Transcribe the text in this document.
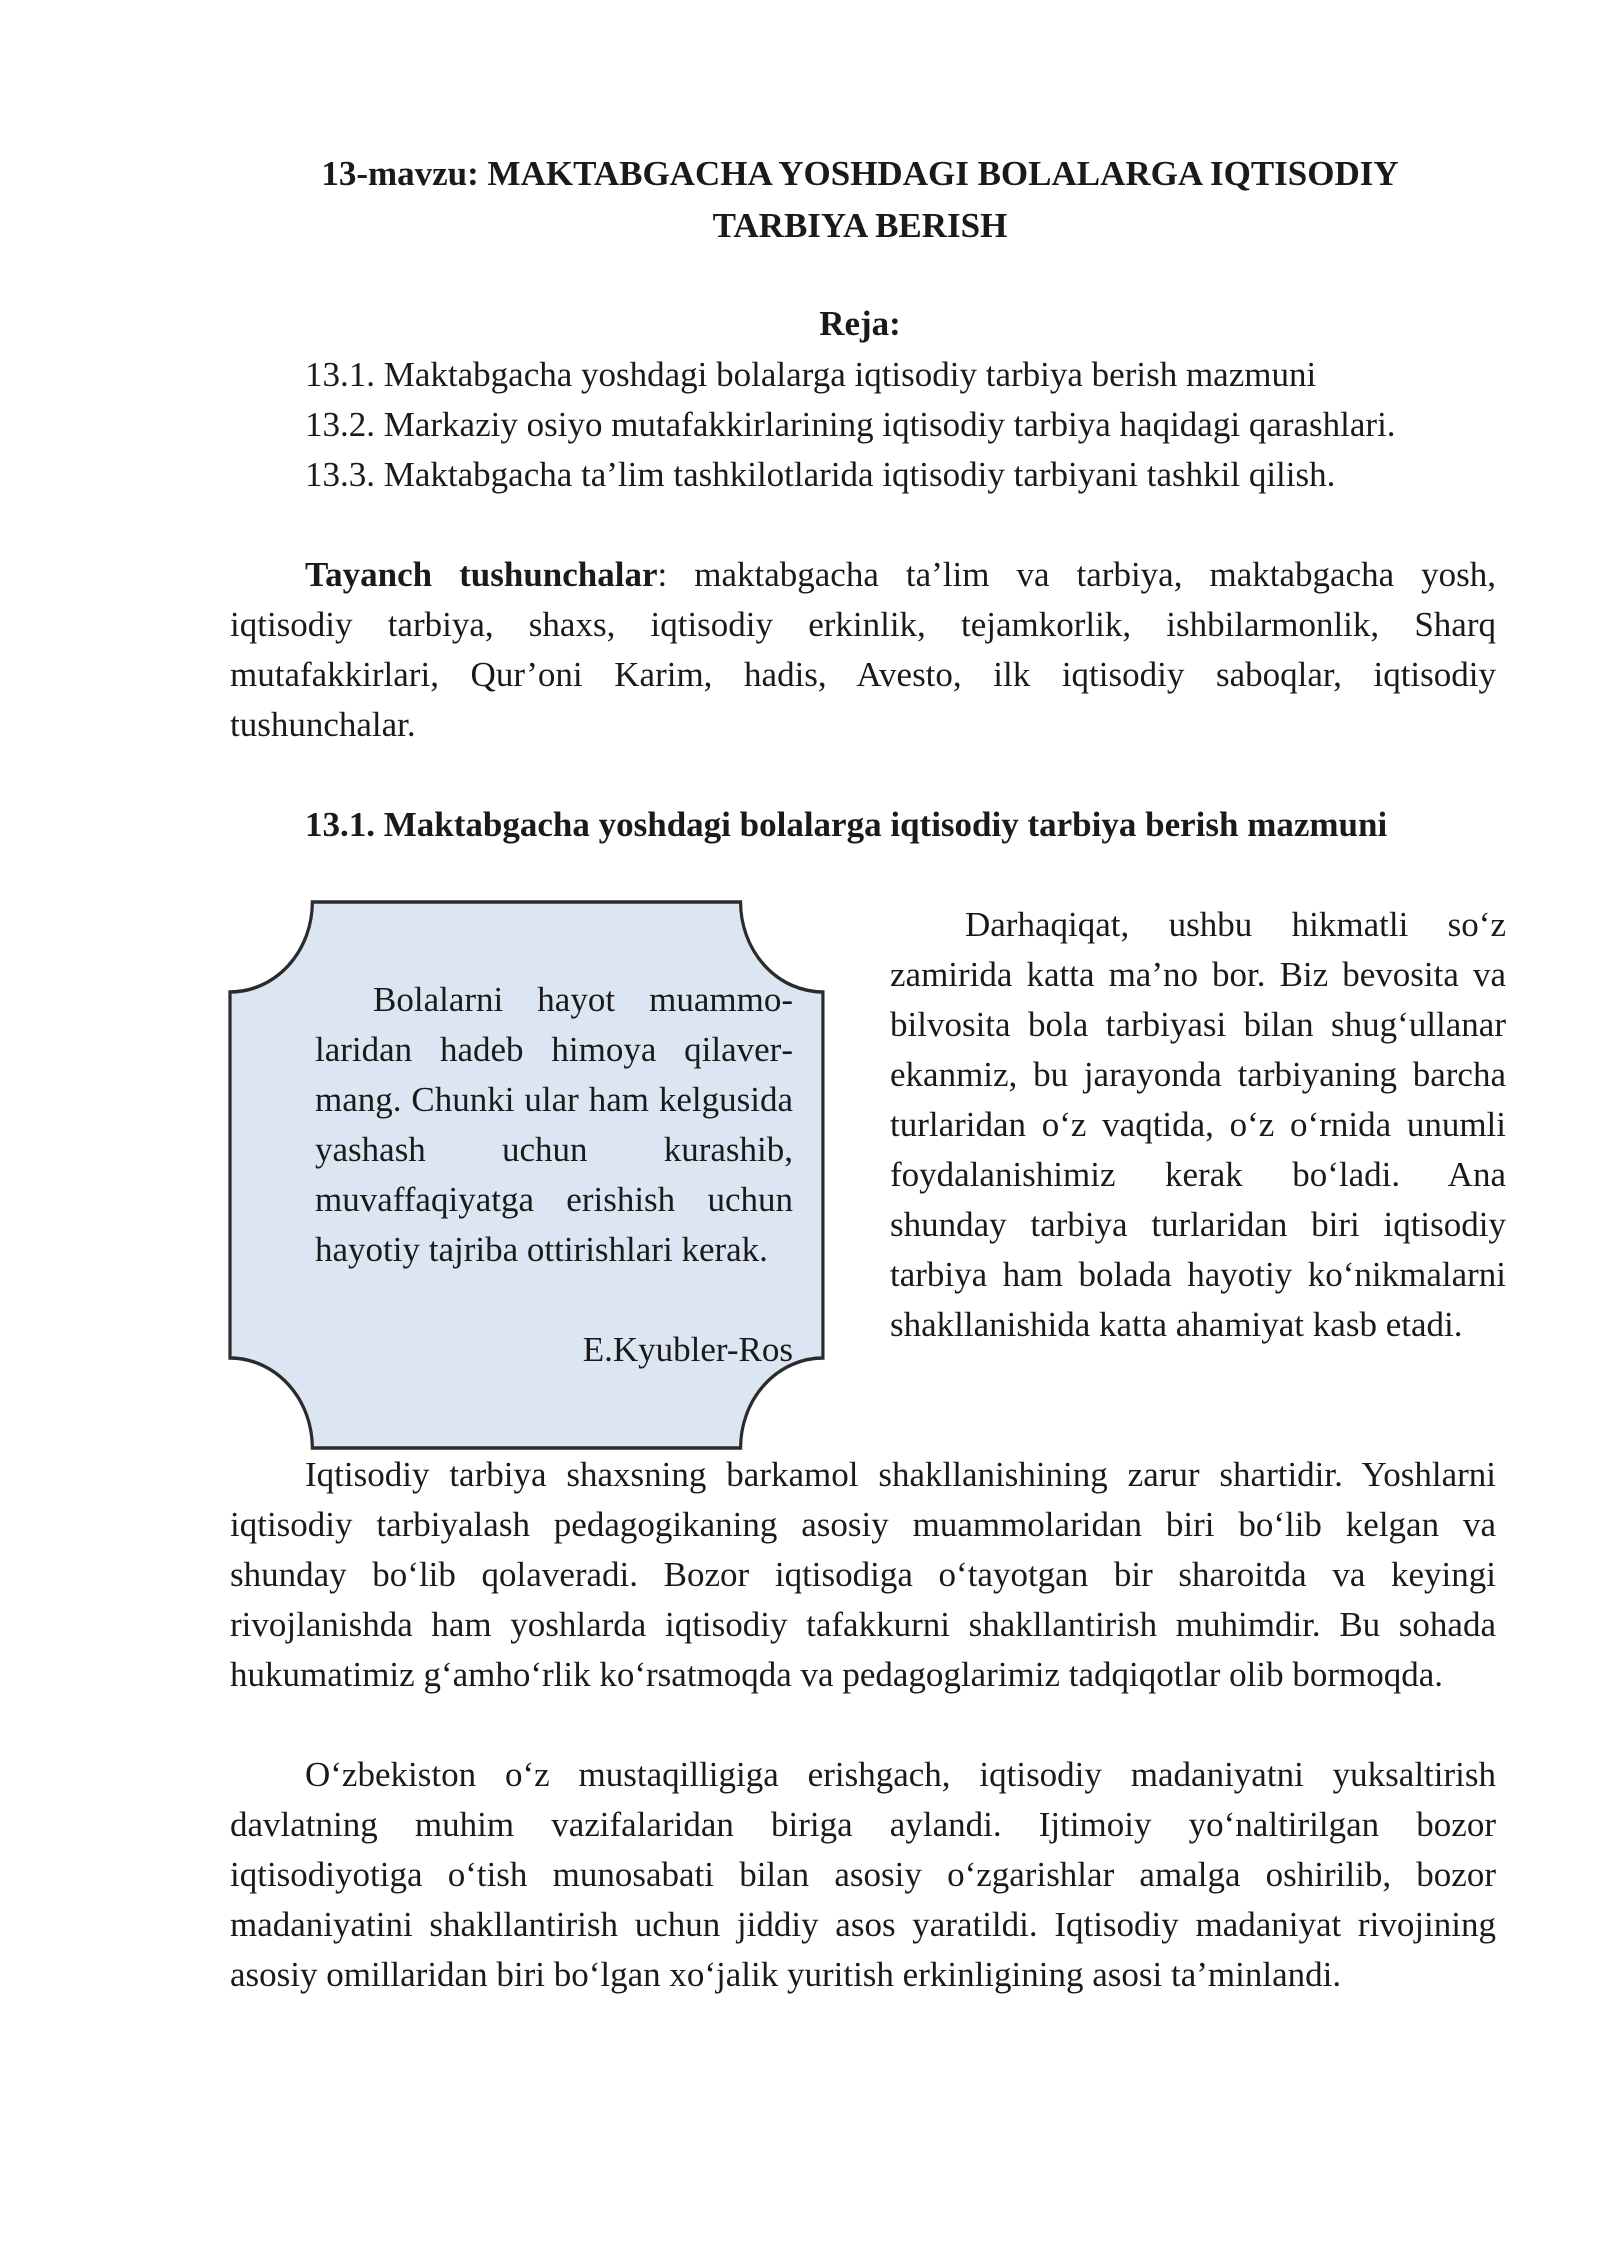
13-mavzu: MAKTABGACHA YOSHDAGI BOLALARGA IQTISODIY
TARBIYA BERISH
Reja:
13.1. Maktabgacha yoshdagi bolalarga iqtisodiy tarbiya berish mazmuni
13.2. Markaziy osiyo mutafakkirlarining iqtisodiy tarbiya haqidagi qarashlari.
13.3. Maktabgacha ta’lim tashkilotlarida iqtisodiy tarbiyani tashkil qilish.
Tayanch tushunchalar: maktabgacha ta’lim va tarbiya, maktabgacha yosh, iqtisodiy tarbiya, shaxs, iqtisodiy erkinlik, tejamkorlik, ishbilarmonlik, Sharq mutafakkirlari, Qur’oni Karim, hadis, Avesto, ilk iqtisodiy saboqlar, iqtisodiy tushunchalar.
13.1. Maktabgacha yoshdagi bolalarga iqtisodiy tarbiya berish mazmuni
Bolalarni hayot muammolaridan hadeb himoya qilavermang. Chunki ular ham kelgusida yashash uchun kurashib, muvaffaqiyatga erishish uchun hayotiy tajriba ottirishlari kerak.
E.Kyubler-Ros
Darhaqiqat, ushbu hikmatli so‘z zamirida katta ma’no bor. Biz bevosita va bilvosita bola tarbiyasi bilan shug‘ullanar ekanmiz, bu jarayonda tarbiyaning barcha turlaridan o‘z vaqtida, o‘z o‘rnida unumli foydalanishimiz kerak bo‘ladi. Ana shunday tarbiya turlaridan biri iqtisodiy tarbiya ham bolada hayotiy ko‘nikmalarni shakllanishida katta ahamiyat kasb etadi.
Iqtisodiy tarbiya shaxsning barkamol shakllanishining zarur shartidir. Yoshlarni iqtisodiy tarbiyalash pedagogikaning asosiy muammolaridan biri bo‘lib kelgan va shunday bo‘lib qolaveradi. Bozor iqtisodiga o‘tayotgan bir sharoitda va keyingi rivojlanishda ham yoshlarda iqtisodiy tafakkurni shakllantirish muhimdir. Bu sohada hukumatimiz g‘amho‘rlik ko‘rsatmoqda va pedagoglarimiz tadqiqotlar olib bormoqda.
O‘zbekiston o‘z mustaqilligiga erishgach, iqtisodiy madaniyatni yuksaltirish davlatning muhim vazifalaridan biriga aylandi. Ijtimoiy yo‘naltirilgan bozor iqtisodiyotiga o‘tish munosabati bilan asosiy o‘zgarishlar amalga oshirilib, bozor madaniyatini shakllantirish uchun jiddiy asos yaratildi. Iqtisodiy madaniyat rivojining asosiy omillaridan biri bo‘lgan xo‘jalik yuritish erkinligining asosi ta’minlandi.
